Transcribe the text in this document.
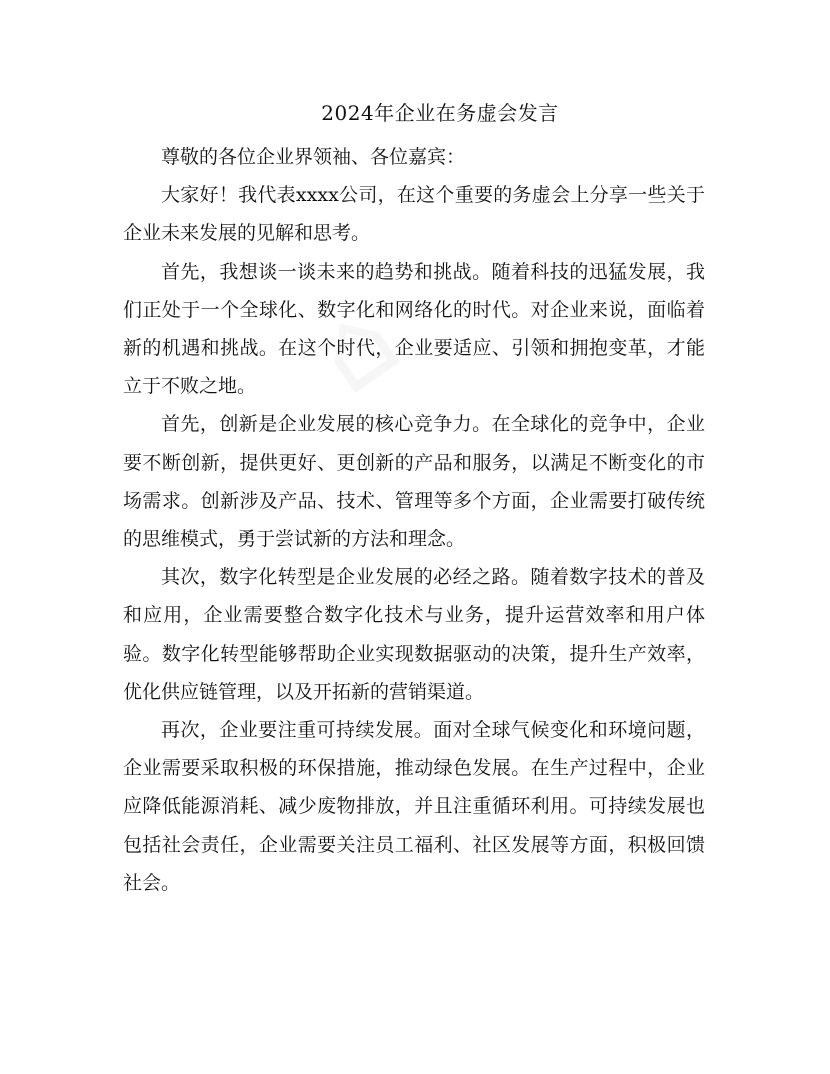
2024年企业在务虚会发言

尊敬的各位企业界领袖、各位嘉宾：

大家好！我代表xxxx公司，在这个重要的务虚会上分享一些关于企业未来发展的见解和思考。

首先，我想谈一谈未来的趋势和挑战。随着科技的迅猛发展，我们正处于一个全球化、数字化和网络化的时代。对企业来说，面临着新的机遇和挑战。在这个时代，企业要适应、引领和拥抱变革，才能立于不败之地。

首先，创新是企业发展的核心竞争力。在全球化的竞争中，企业要不断创新，提供更好、更创新的产品和服务，以满足不断变化的市场需求。创新涉及产品、技术、管理等多个方面，企业需要打破传统的思维模式，勇于尝试新的方法和理念。

其次，数字化转型是企业发展的必经之路。随着数字技术的普及和应用，企业需要整合数字化技术与业务，提升运营效率和用户体验。数字化转型能够帮助企业实现数据驱动的决策，提升生产效率，优化供应链管理，以及开拓新的营销渠道。

再次，企业要注重可持续发展。面对全球气候变化和环境问题，企业需要采取积极的环保措施，推动绿色发展。在生产过程中，企业应降低能源消耗、减少废物排放，并且注重循环利用。可持续发展也包括社会责任，企业需要关注员工福利、社区发展等方面，积极回馈社会。
